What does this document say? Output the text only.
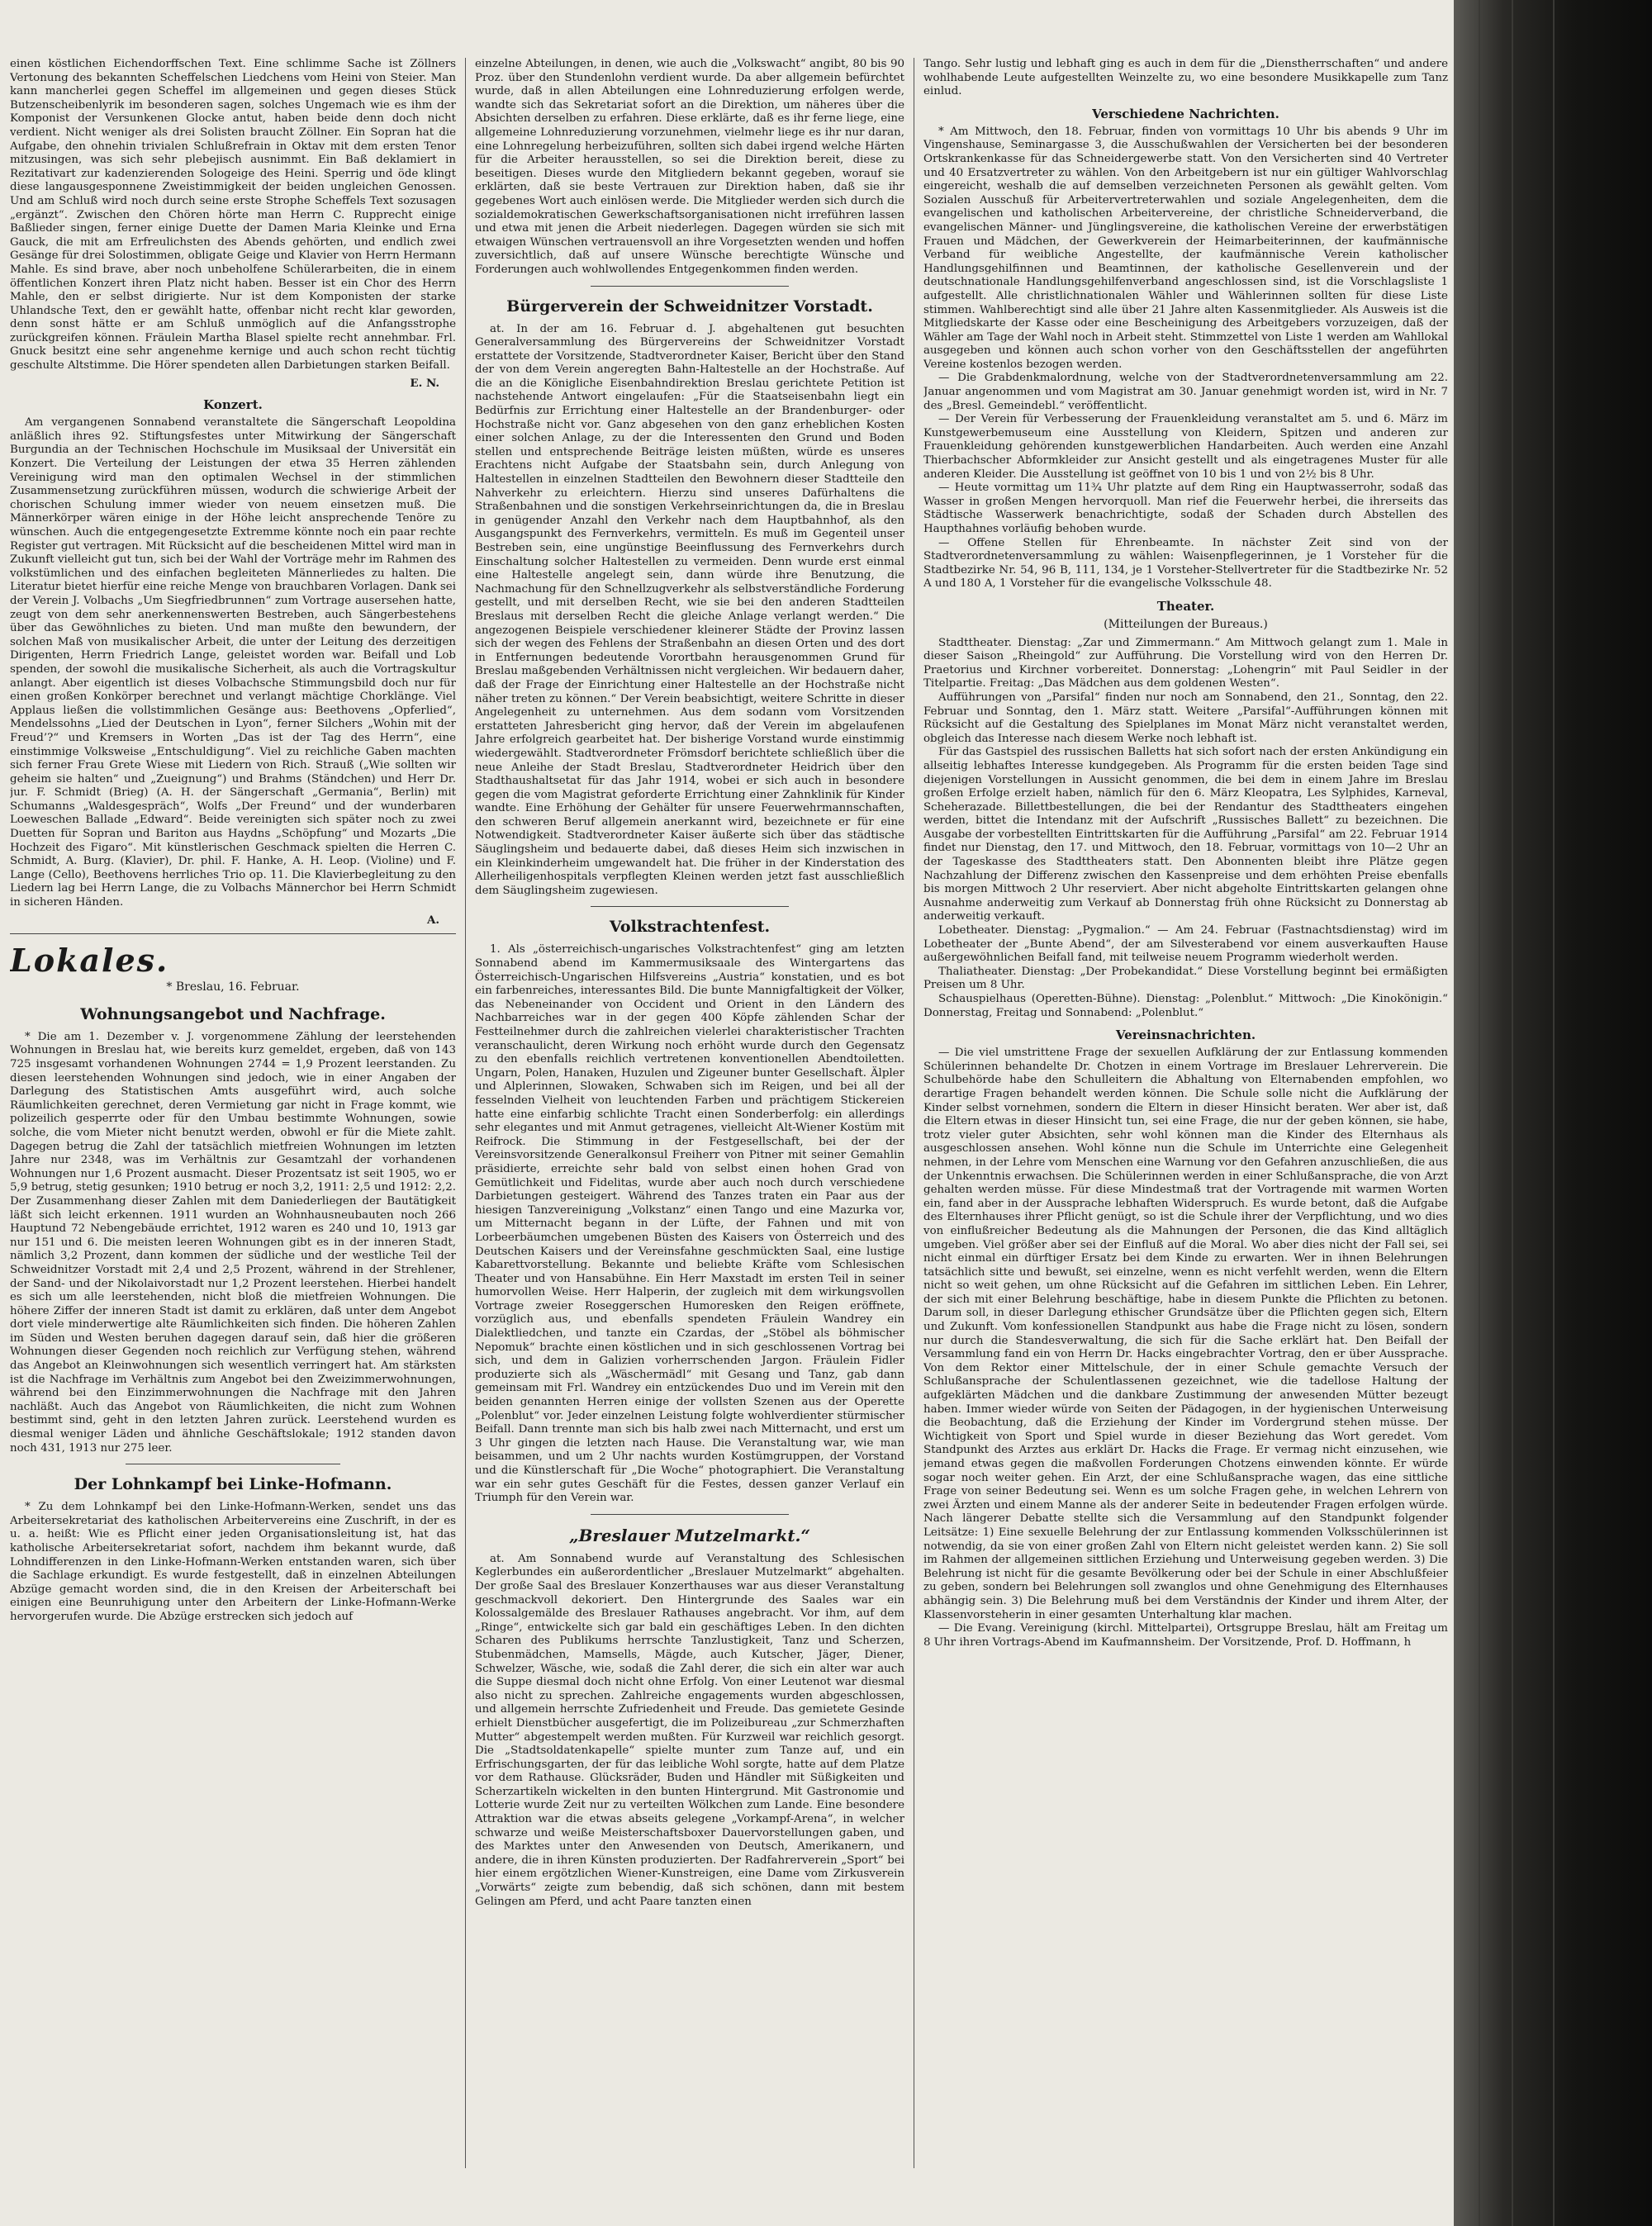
einen köstlichen Eichendorffschen Text. Eine schlimme Sache ist Zöllners Vertonung des bekannten Scheffelschen Liedchens vom Heini von Steier. Man kann mancherlei gegen Scheffel im allgemeinen und gegen dieses Stück Butzenscheibenlyrik im besonderen sagen, solches Ungemach wie es ihm der Komponist der Versunkenen Glocke antut, haben beide denn doch nicht verdient. Nicht weniger als drei Solisten braucht Zöllner. Ein Sopran hat die Aufgabe, den ohnehin trivialen Schlußrefrain in Oktav mit dem ersten Tenor mitzusingen, was sich sehr plebejisch ausnimmt. Ein Baß deklamiert in Rezitativart zur kadenzierenden Sologeige des Heini. Sperrig und öde klingt diese langausgesponnene Zweistimmigkeit der beiden ungleichen Genossen. Und am Schluß wird noch durch seine erste Strophe Scheffels Text sozusagen „ergänzt“. Zwischen den Chören hörte man Herrn C. Rupprecht einige Baßlieder singen, ferner einige Duette der Damen Maria Kleinke und Erna Gauck, die mit am Erfreulichsten des Abends gehörten, und endlich zwei Gesänge für drei Solostimmen, obligate Geige und Klavier von Herrn Hermann Mahle. Es sind brave, aber noch unbeholfene Schülerarbeiten, die in einem öffentlichen Konzert ihren Platz nicht haben. Besser ist ein Chor des Herrn Mahle, den er selbst dirigierte. Nur ist dem Komponisten der starke Uhlandsche Text, den er gewählt hatte, offenbar nicht recht klar geworden, denn sonst hätte er am Schluß unmöglich auf die Anfangsstrophe zurückgreifen können. Fräulein Martha Blasel spielte recht annehmbar. Frl. Gnuck besitzt eine sehr angenehme kernige und auch schon recht tüchtig geschulte Altstimme. Die Hörer spendeten allen Darbietungen starken Beifall.

E. N.
Konzert.

Am vergangenen Sonnabend veranstaltete die Sängerschaft Leopoldina anläßlich ihres 92. Stiftungsfestes unter Mitwirkung der Sängerschaft Burgundia an der Technischen Hochschule im Musiksaal der Universität ein Konzert. Die Verteilung der Leistungen der etwa 35 Herren zählenden Vereinigung wird man den optimalen Wechsel in der stimmlichen Zusammensetzung zurückführen müssen, wodurch die schwierige Arbeit der chorischen Schulung immer wieder von neuem einsetzen muß. Die Männerkörper wären einige in der Höhe leicht ansprechende Tenöre zu wünschen. Auch die entgegengesetzte Extremme könnte noch ein paar rechte Register gut vertragen. Mit Rücksicht auf die bescheidenen Mittel wird man in Zukunft vielleicht gut tun, sich bei der Wahl der Vorträge mehr im Rahmen des volkstümlichen und des einfachen begleiteten Männerliedes zu halten. Die Literatur bietet hierfür eine reiche Menge von brauchbaren Vorlagen. Dank sei der Verein J. Volbachs „Um Siegfriedbrunnen“ zum Vortrage ausersehen hatte, zeugt von dem sehr anerkennenswerten Bestreben, auch Sängerbestehens über das Gewöhnliches zu bieten. Und man mußte den bewundern, der solchen Maß von musikalischer Arbeit, die unter der Leitung des derzeitigen Dirigenten, Herrn Friedrich Lange, geleistet worden war. Beifall und Lob spenden, der sowohl die musikalische Sicherheit, als auch die Vortragskultur anlangt. Aber eigentlich ist dieses Volbachsche Stimmungsbild doch nur für einen großen Konkörper berechnet und verlangt mächtige Chorklänge. Viel Applaus ließen die vollstimmlichen Gesänge aus: Beethovens „Opferlied“, Mendelssohns „Lied der Deutschen in Lyon“, ferner Silchers „Wohin mit der Freud’?“ und Kremsers in Worten „Das ist der Tag des Herrn“, eine einstimmige Volksweise „Entschuldigung“. Viel zu reichliche Gaben machten sich ferner Frau Grete Wiese mit Liedern von Rich. Strauß („Wie sollten wir geheim sie halten“ und „Zueignung“) und Brahms (Ständchen) und Herr Dr. jur. F. Schmidt (Brieg) (A. H. der Sängerschaft „Germania“, Berlin) mit Schumanns „Waldesgespräch“, Wolfs „Der Freund“ und der wunderbaren Loeweschen Ballade „Edward“. Beide vereinigten sich später noch zu zwei Duetten für Sopran und Bariton aus Haydns „Schöpfung“ und Mozarts „Die Hochzeit des Figaro“. Mit künstlerischen Geschmack spielten die Herren C. Schmidt, A. Burg. (Klavier), Dr. phil. F. Hanke, A. H. Leop. (Violine) und F. Lange (Cello), Beethovens herrliches Trio op. 11. Die Klavierbegleitung zu den Liedern lag bei Herrn Lange, die zu Volbachs Männerchor bei Herrn Schmidt in sicheren Händen.

A.
Lokales.
* Breslau, 16. Februar.
Wohnungsangebot und Nachfrage.

* Die am 1. Dezember v. J. vorgenommene Zählung der leerstehenden Wohnungen in Breslau hat, wie bereits kurz gemeldet, ergeben, daß von 143 725 insgesamt vorhandenen Wohnungen 2744 = 1,9 Prozent leerstanden. Zu diesen leerstehenden Wohnungen sind jedoch, wie in einer Angaben der Darlegung des Statistischen Amts ausgeführt wird, auch solche Räumlichkeiten gerechnet, deren Vermietung gar nicht in Frage kommt, wie polizeilich gesperrte oder für den Umbau bestimmte Wohnungen, sowie solche, die vom Mieter nicht benutzt werden, obwohl er für die Miete zahlt. Dagegen betrug die Zahl der tatsächlich mietfreien Wohnungen im letzten Jahre nur 2348, was im Verhältnis zur Gesamtzahl der vorhandenen Wohnungen nur 1,6 Prozent ausmacht. Dieser Prozentsatz ist seit 1905, wo er 5,9 betrug, stetig gesunken; 1910 betrug er noch 3,2, 1911: 2,5 und 1912: 2,2. Der Zusammenhang dieser Zahlen mit dem Daniederliegen der Bautätigkeit läßt sich leicht erkennen. 1911 wurden an Wohnhausneubauten noch 266 Hauptund 72 Nebengebäude errichtet, 1912 waren es 240 und 10, 1913 gar nur 151 und 6. Die meisten leeren Wohnungen gibt es in der inneren Stadt, nämlich 3,2 Prozent, dann kommen der südliche und der westliche Teil der Schweidnitzer Vorstadt mit 2,4 und 2,5 Prozent, während in der Strehlener, der Sand- und der Nikolaivorstadt nur 1,2 Prozent leerstehen. Hierbei handelt es sich um alle leerstehenden, nicht bloß die mietfreien Wohnungen. Die höhere Ziffer der inneren Stadt ist damit zu erklären, daß unter dem Angebot dort viele minderwertige alte Räumlichkeiten sich finden. Die höheren Zahlen im Süden und Westen beruhen dagegen darauf sein, daß hier die größeren Wohnungen dieser Gegenden noch reichlich zur Verfügung stehen, während das Angebot an Kleinwohnungen sich wesentlich verringert hat. Am stärksten ist die Nachfrage im Verhältnis zum Angebot bei den Zweizimmerwohnungen, während bei den Einzimmerwohnungen die Nachfrage mit den Jahren nachläßt. Auch das Angebot von Räumlichkeiten, die nicht zum Wohnen bestimmt sind, geht in den letzten Jahren zurück. Leerstehend wurden es diesmal weniger Läden und ähnliche Geschäftslokale; 1912 standen davon noch 431, 1913 nur 275 leer.

Der Lohnkampf bei Linke-Hofmann.

* Zu dem Lohnkampf bei den Linke-Hofmann-Werken, sendet uns das Arbeitersekretariat des katholischen Arbeitervereins eine Zuschrift, in der es u. a. heißt: Wie es Pflicht einer jeden Organisationsleitung ist, hat das katholische Arbeitersekretariat sofort, nachdem ihm bekannt wurde, daß Lohndifferenzen in den Linke-Hofmann-Werken entstanden waren, sich über die Sachlage erkundigt. Es wurde festgestellt, daß in einzelnen Abteilungen Abzüge gemacht worden sind, die in den Kreisen der Arbeiterschaft bei einigen eine Beunruhigung unter den Arbeitern der Linke-Hofmann-Werke hervorgerufen wurde. Die Abzüge erstrecken sich jedoch auf

einzelne Abteilungen, in denen, wie auch die „Volkswacht“ angibt, 80 bis 90 Proz. über den Stundenlohn verdient wurde. Da aber allgemein befürchtet wurde, daß in allen Abteilungen eine Lohnreduzierung erfolgen werde, wandte sich das Sekretariat sofort an die Direktion, um näheres über die Absichten derselben zu erfahren. Diese erklärte, daß es ihr ferne liege, eine allgemeine Lohnreduzierung vorzunehmen, vielmehr liege es ihr nur daran, eine Lohnregelung herbeizuführen, sollten sich dabei irgend welche Härten für die Arbeiter herausstellen, so sei die Direktion bereit, diese zu beseitigen. Dieses wurde den Mitgliedern bekannt gegeben, worauf sie erklärten, daß sie beste Vertrauen zur Direktion haben, daß sie ihr gegebenes Wort auch einlösen werde. Die Mitglieder werden sich durch die sozialdemokratischen Gewerkschaftsorganisationen nicht irreführen lassen und etwa mit jenen die Arbeit niederlegen. Dagegen würden sie sich mit etwaigen Wünschen vertrauensvoll an ihre Vorgesetzten wenden und hoffen zuversichtlich, daß auf unsere Wünsche berechtigte Wünsche und Forderungen auch wohlwollendes Entgegenkommen finden werden.

Bürgerverein der Schweidnitzer Vorstadt.

at. In der am 16. Februar d. J. abgehaltenen gut besuchten Generalversammlung des Bürgervereins der Schweidnitzer Vorstadt erstattete der Vorsitzende, Stadtverordneter Kaiser, Bericht über den Stand der von dem Verein angeregten Bahn-Haltestelle an der Hochstraße. Auf die an die Königliche Eisenbahndirektion Breslau gerichtete Petition ist nachstehende Antwort eingelaufen: „Für die Staatseisenbahn liegt ein Bedürfnis zur Errichtung einer Haltestelle an der Brandenburger- oder Hochstraße nicht vor. Ganz abgesehen von den ganz erheblichen Kosten einer solchen Anlage, zu der die Interessenten den Grund und Boden stellen und entsprechende Beiträge leisten müßten, würde es unseres Erachtens nicht Aufgabe der Staatsbahn sein, durch Anlegung von Haltestellen in einzelnen Stadtteilen den Bewohnern dieser Stadtteile den Nahverkehr zu erleichtern. Hierzu sind unseres Dafürhaltens die Straßenbahnen und die sonstigen Verkehrseinrichtungen da, die in Breslau in genügender Anzahl den Verkehr nach dem Hauptbahnhof, als den Ausgangspunkt des Fernverkehrs, vermitteln. Es muß im Gegenteil unser Bestreben sein, eine ungünstige Beeinflussung des Fernverkehrs durch Einschaltung solcher Haltestellen zu vermeiden. Denn wurde erst einmal eine Haltestelle angelegt sein, dann würde ihre Benutzung, die Nachmachung für den Schnellzugverkehr als selbstverständliche Forderung gestellt, und mit derselben Recht, wie sie bei den anderen Stadtteilen Breslaus mit derselben Recht die gleiche Anlage verlangt werden.“ Die angezogenen Beispiele verschiedener kleinerer Städte der Provinz lassen sich der wegen des Fehlens der Straßenbahn an diesen Orten und des dort in Entfernungen bedeutende Vorortbahn herausgenommen Grund für Breslau maßgebenden Verhältnissen nicht vergleichen. Wir bedauern daher, daß der Frage der Einrichtung einer Haltestelle an der Hochstraße nicht näher treten zu können.“ Der Verein beabsichtigt, weitere Schritte in dieser Angelegenheit zu unternehmen. Aus dem sodann vom Vorsitzenden erstatteten Jahresbericht ging hervor, daß der Verein im abgelaufenen Jahre erfolgreich gearbeitet hat. Der bisherige Vorstand wurde einstimmig wiedergewählt. Stadtverordneter Frömsdorf berichtete schließlich über die neue Anleihe der Stadt Breslau, Stadtverordneter Heidrich über den Stadthaushaltsetat für das Jahr 1914, wobei er sich auch in besondere gegen die vom Magistrat geforderte Errichtung einer Zahnklinik für Kinder wandte. Eine Erhöhung der Gehälter für unsere Feuerwehrmannschaften, den schweren Beruf allgemein anerkannt wird, bezeichnete er für eine Notwendigkeit. Stadtverordneter Kaiser äußerte sich über das städtische Säuglingsheim und bedauerte dabei, daß dieses Heim sich inzwischen in ein Kleinkinderheim umgewandelt hat. Die früher in der Kinderstation des Allerheiligenhospitals verpflegten Kleinen werden jetzt fast ausschließlich dem Säuglingsheim zugewiesen.

Volkstrachtenfest.

1. Als „österreichisch-ungarisches Volkstrachtenfest“ ging am letzten Sonnabend abend im Kammermusiksaale des Wintergartens das Österreichisch-Ungarischen Hilfsvereins „Austria“ konstatien, und es bot ein farbenreiches, interessantes Bild. Die bunte Mannigfaltigkeit der Völker, das Nebeneinander von Occident und Orient in den Ländern des Nachbarreiches war in der gegen 400 Köpfe zählenden Schar der Festteilnehmer durch die zahlreichen vielerlei charakteristischer Trachten veranschaulicht, deren Wirkung noch erhöht wurde durch den Gegensatz zu den ebenfalls reichlich vertretenen konventionellen Abendtoiletten. Ungarn, Polen, Hanaken, Huzulen und Zigeuner bunter Gesellschaft. Älpler und Alplerinnen, Slowaken, Schwaben sich im Reigen, und bei all der fesselnden Vielheit von leuchtenden Farben und prächtigem Stickereien hatte eine einfarbig schlichte Tracht einen Sonderberfolg: ein allerdings sehr elegantes und mit Anmut getragenes, vielleicht Alt-Wiener Kostüm mit Reifrock. Die Stimmung in der Festgesellschaft, bei der der Vereinsvorsitzende Generalkonsul Freiherr von Pitner mit seiner Gemahlin präsidierte, erreichte sehr bald von selbst einen hohen Grad von Gemütlichkeit und Fidelitas, wurde aber auch noch durch verschiedene Darbietungen gesteigert. Während des Tanzes traten ein Paar aus der hiesigen Tanzvereinigung „Volkstanz“ einen Tango und eine Mazurka vor, um Mitternacht begann in der Lüfte, der Fahnen und mit von Lorbeerbäumchen umgebenen Büsten des Kaisers von Österreich und des Deutschen Kaisers und der Vereinsfahne geschmückten Saal, eine lustige Kabarettvorstellung. Bekannte und beliebte Kräfte vom Schlesischen Theater und von Hansabühne. Ein Herr Maxstadt im ersten Teil in seiner humorvollen Weise. Herr Halperin, der zugleich mit dem wirkungsvollen Vortrage zweier Roseggerschen Humoresken den Reigen eröffnete, vorzüglich aus, und ebenfalls spendeten Fräulein Wandrey ein Dialektliedchen, und tanzte ein Czardas, der „Stöbel als böhmischer Nepomuk“ brachte einen köstlichen und in sich geschlossenen Vortrag bei sich, und dem in Galizien vorherrschenden Jargon. Fräulein Fidler produzierte sich als „Wäschermädl“ mit Gesang und Tanz, gab dann gemeinsam mit Frl. Wandrey ein entzückendes Duo und im Verein mit den beiden genannten Herren einige der vollsten Szenen aus der Operette „Polenblut“ vor. Jeder einzelnen Leistung folgte wohlverdienter stürmischer Beifall. Dann trennte man sich bis halb zwei nach Mitternacht, und erst um 3 Uhr gingen die letzten nach Hause. Die Veranstaltung war, wie man beisammen, und um 2 Uhr nachts wurden Kostümgruppen, der Vorstand und die Künstlerschaft für „Die Woche“ photographiert. Die Veranstaltung war ein sehr gutes Geschäft für die Festes, dessen ganzer Verlauf ein Triumph für den Verein war.

„Breslauer Mutzelmarkt.“

at. Am Sonnabend wurde auf Veranstaltung des Schlesischen Keglerbundes ein außerordentlicher „Breslauer Mutzelmarkt“ abgehalten. Der große Saal des Breslauer Konzerthauses war aus dieser Veranstaltung geschmackvoll dekoriert. Den Hintergrunde des Saales war ein Kolossalgemälde des Breslauer Rathauses angebracht. Vor ihm, auf dem „Ringe“, entwickelte sich gar bald ein geschäftiges Leben. In den dichten Scharen des Publikums herrschte Tanzlustigkeit, Tanz und Scherzen, Stubenmädchen, Mamsells, Mägde, auch Kutscher, Jäger, Diener, Schwelzer, Wäsche, wie, sodaß die Zahl derer, die sich ein alter war auch die Suppe diesmal doch nicht ohne Erfolg. Von einer Leutenot war diesmal also nicht zu sprechen. Zahlreiche engagements wurden abgeschlossen, und allgemein herrschte Zufriedenheit und Freude. Das gemietete Gesinde erhielt Dienstbücher ausgefertigt, die im Polizeibureau „zur Schmerzhaften Mutter“ abgestempelt werden mußten. Für Kurzweil war reichlich gesorgt. Die „Stadtsoldatenkapelle“ spielte munter zum Tanze auf, und ein Erfrischungsgarten, der für das leibliche Wohl sorgte, hatte auf dem Platze vor dem Rathause. Glücksräder, Buden und Händler mit Süßigkeiten und Scherzartikeln wickelten in den bunten Hintergrund. Mit Gastronomie und Lotterie wurde Zeit nur zu verteilten Wölkchen zum Lande. Eine besondere Attraktion war die etwas abseits gelegene „Vorkampf-Arena“, in welcher schwarze und weiße Meisterschaftsboxer Dauervorstellungen gaben, und des Marktes unter den Anwesenden von Deutsch, Amerikanern, und andere, die in ihren Künsten produzierten. Der Radfahrerverein „Sport“ bei hier einem ergötzlichen Wiener-Kunstreigen, eine Dame vom Zirkusverein „Vorwärts“ zeigte zum bebendig, daß sich schönen, dann mit bestem Gelingen am Pferd, und acht Paare tanzten einen

Tango. Sehr lustig und lebhaft ging es auch in dem für die „Dienstherrschaften“ und andere wohlhabende Leute aufgestellten Weinzelte zu, wo eine besondere Musikkapelle zum Tanz einlud.

Verschiedene Nachrichten.

* Am Mittwoch, den 18. Februar, finden von vormittags 10 Uhr bis abends 9 Uhr im Vingenshause, Seminargasse 3, die Ausschußwahlen der Versicherten bei der besonderen Ortskrankenkasse für das Schneidergewerbe statt. Von den Versicherten sind 40 Vertreter und 40 Ersatzvertreter zu wählen. Von den Arbeitgebern ist nur ein gültiger Wahlvorschlag eingereicht, weshalb die auf demselben verzeichneten Personen als gewählt gelten. Vom Sozialen Ausschuß für Arbeitervertreterwahlen und soziale Angelegenheiten, dem die evangelischen und katholischen Arbeitervereine, der christliche Schneiderverband, die evangelischen Männer- und Jünglingsvereine, die katholischen Vereine der erwerbstätigen Frauen und Mädchen, der Gewerkverein der Heimarbeiterinnen, der kaufmännische Verband für weibliche Angestellte, der kaufmännische Verein katholischer Handlungsgehilfinnen und Beamtinnen, der katholische Gesellenverein und der deutschnationale Handlungsgehilfenverband angeschlossen sind, ist die Vorschlagsliste 1 aufgestellt. Alle christlichnationalen Wähler und Wählerinnen sollten für diese Liste stimmen. Wahlberechtigt sind alle über 21 Jahre alten Kassenmitglieder. Als Ausweis ist die Mitgliedskarte der Kasse oder eine Bescheinigung des Arbeitgebers vorzuzeigen, daß der Wähler am Tage der Wahl noch in Arbeit steht. Stimmzettel von Liste 1 werden am Wahllokal ausgegeben und können auch schon vorher von den Geschäftsstellen der angeführten Vereine kostenlos bezogen werden.

— Die Grabdenkmalordnung, welche von der Stadtverordnetenversammlung am 22. Januar angenommen und vom Magistrat am 30. Januar genehmigt worden ist, wird in Nr. 7 des „Bresl. Gemeindebl.“ veröffentlicht.

— Der Verein für Verbesserung der Frauenkleidung veranstaltet am 5. und 6. März im Kunstgewerbemuseum eine Ausstellung von Kleidern, Spitzen und anderen zur Frauenkleidung gehörenden kunstgewerblichen Handarbeiten. Auch werden eine Anzahl Thierbachscher Abformkleider zur Ansicht gestellt und als eingetragenes Muster für alle anderen Kleider. Die Ausstellung ist geöffnet von 10 bis 1 und von 2½ bis 8 Uhr.

— Heute vormittag um 11¾ Uhr platzte auf dem Ring ein Hauptwasserrohr, sodaß das Wasser in großen Mengen hervorquoll. Man rief die Feuerwehr herbei, die ihrerseits das Städtische Wasserwerk benachrichtigte, sodaß der Schaden durch Abstellen des Haupthahnes vorläufig behoben wurde.

— Offene Stellen für Ehrenbeamte. In nächster Zeit sind von der Stadtverordnetenversammlung zu wählen: Waisenpflegerinnen, je 1 Vorsteher für die Stadtbezirke Nr. 54, 96 B, 111, 134, je 1 Vorsteher-Stellvertreter für die Stadtbezirke Nr. 52 A und 180 A, 1 Vorsteher für die evangelische Volksschule 48.

Theater.
(Mitteilungen der Bureaus.)

Stadttheater. Dienstag: „Zar und Zimmermann.“ Am Mittwoch gelangt zum 1. Male in dieser Saison „Rheingold“ zur Aufführung. Die Vorstellung wird von den Herren Dr. Praetorius und Kirchner vorbereitet. Donnerstag: „Lohengrin“ mit Paul Seidler in der Titelpartie. Freitag: „Das Mädchen aus dem goldenen Westen“.

Aufführungen von „Parsifal“ finden nur noch am Sonnabend, den 21., Sonntag, den 22. Februar und Sonntag, den 1. März statt. Weitere „Parsifal“-Aufführungen können mit Rücksicht auf die Gestaltung des Spielplanes im Monat März nicht veranstaltet werden, obgleich das Interesse nach diesem Werke noch lebhaft ist.

Für das Gastspiel des russischen Balletts hat sich sofort nach der ersten Ankündigung ein allseitig lebhaftes Interesse kundgegeben. Als Programm für die ersten beiden Tage sind diejenigen Vorstellungen in Aussicht genommen, die bei dem in einem Jahre im Breslau großen Erfolge erzielt haben, nämlich für den 6. März Kleopatra, Les Sylphides, Karneval, Scheherazade. Billettbestellungen, die bei der Rendantur des Stadttheaters eingehen werden, bittet die Intendanz mit der Aufschrift „Russisches Ballett“ zu bezeichnen. Die Ausgabe der vorbestellten Eintrittskarten für die Aufführung „Parsifal“ am 22. Februar 1914 findet nur Dienstag, den 17. und Mittwoch, den 18. Februar, vormittags von 10—2 Uhr an der Tageskasse des Stadttheaters statt. Den Abonnenten bleibt ihre Plätze gegen Nachzahlung der Differenz zwischen den Kassenpreise und dem erhöhten Preise ebenfalls bis morgen Mittwoch 2 Uhr reserviert. Aber nicht abgeholte Eintrittskarten gelangen ohne Ausnahme anderweitig zum Verkauf ab Donnerstag früh ohne Rücksicht zu Donnerstag ab anderweitig verkauft.

Lobetheater. Dienstag: „Pygmalion.“ — Am 24. Februar (Fastnachtsdienstag) wird im Lobetheater der „Bunte Abend“, der am Silvesterabend vor einem ausverkauften Hause außergewöhnlichen Beifall fand, mit teilweise neuem Programm wiederholt werden.

Thaliatheater. Dienstag: „Der Probekandidat.“ Diese Vorstellung beginnt bei ermäßigten Preisen um 8 Uhr.

Schauspielhaus (Operetten-Bühne). Dienstag: „Polenblut.“ Mittwoch: „Die Kinokönigin.“ Donnerstag, Freitag und Sonnabend: „Polenblut.“

Vereinsnachrichten.

— Die viel umstrittene Frage der sexuellen Aufklärung der zur Entlassung kommenden Schülerinnen behandelte Dr. Chotzen in einem Vortrage im Breslauer Lehrerverein. Die Schulbehörde habe den Schulleitern die Abhaltung von Elternabenden empfohlen, wo derartige Fragen behandelt werden können. Die Schule solle nicht die Aufklärung der Kinder selbst vornehmen, sondern die Eltern in dieser Hinsicht beraten. Wer aber ist, daß die Eltern etwas in dieser Hinsicht tun, sei eine Frage, die nur der geben können, sie habe, trotz vieler guter Absichten, sehr wohl können man die Kinder des Elternhaus als ausgeschlossen ansehen. Wohl könne nun die Schule im Unterrichte eine Gelegenheit nehmen, in der Lehre vom Menschen eine Warnung vor den Gefahren anzuschließen, die aus der Unkenntnis erwachsen. Die Schülerinnen werden in einer Schlußansprache, die von Arzt gehalten werden müsse. Für diese Mindestmaß trat der Vortragende mit warmen Worten ein, fand aber in der Aussprache lebhaften Widerspruch. Es wurde betont, daß die Aufgabe des Elternhauses ihrer Pflicht genügt, so ist die Schule ihrer der Verpflichtung, und wo dies von einflußreicher Bedeutung als die Mahnungen der Personen, die das Kind alltäglich umgeben. Viel größer aber sei der Einfluß auf die Moral. Wo aber dies nicht der Fall sei, sei nicht einmal ein dürftiger Ersatz bei dem Kinde zu erwarten. Wer in ihnen Belehrungen tatsächlich sitte und bewußt, sei einzelne, wenn es nicht verfehlt werden, wenn die Eltern nicht so weit gehen, um ohne Rücksicht auf die Gefahren im sittlichen Leben. Ein Lehrer, der sich mit einer Belehrung beschäftige, habe in diesem Punkte die Pflichten zu betonen. Darum soll, in dieser Darlegung ethischer Grundsätze über die Pflichten gegen sich, Eltern und Zukunft. Vom konfessionellen Standpunkt aus habe die Frage nicht zu lösen, sondern nur durch die Standesverwaltung, die sich für die Sache erklärt hat. Den Beifall der Versammlung fand ein von Herrn Dr. Hacks eingebrachter Vortrag, den er über Aussprache. Von dem Rektor einer Mittelschule, der in einer Schule gemachte Versuch der Schlußansprache der Schulentlassenen gezeichnet, wie die tadellose Haltung der aufgeklärten Mädchen und die dankbare Zustimmung der anwesenden Mütter bezeugt haben. Immer wieder würde von Seiten der Pädagogen, in der hygienischen Unterweisung die Beobachtung, daß die Erziehung der Kinder im Vordergrund stehen müsse. Der Wichtigkeit von Sport und Spiel wurde in dieser Beziehung das Wort geredet. Vom Standpunkt des Arztes aus erklärt Dr. Hacks die Frage. Er vermag nicht einzusehen, wie jemand etwas gegen die maßvollen Forderungen Chotzens einwenden könnte. Er würde sogar noch weiter gehen. Ein Arzt, der eine Schlußansprache wagen, das eine sittliche Frage von seiner Bedeutung sei. Wenn es um solche Fragen gehe, in welchen Lehrern von zwei Ärzten und einem Manne als der anderer Seite in bedeutender Fragen erfolgen würde. Nach längerer Debatte stellte sich die Versammlung auf den Standpunkt folgender Leitsätze: 1) Eine sexuelle Belehrung der zur Entlassung kommenden Volksschülerinnen ist notwendig, da sie von einer großen Zahl von Eltern nicht geleistet werden kann. 2) Sie soll im Rahmen der allgemeinen sittlichen Erziehung und Unterweisung gegeben werden. 3) Die Belehrung ist nicht für die gesamte Bevölkerung oder bei der Schule in einer Abschlußfeier zu geben, sondern bei Belehrungen soll zwanglos und ohne Genehmigung des Elternhauses abhängig sein. 3) Die Belehrung muß bei dem Verständnis der Kinder und ihrem Alter, der Klassenvorsteherin in einer gesamten Unterhaltung klar machen.

— Die Evang. Vereinigung (kirchl. Mittelpartei), Ortsgruppe Breslau, hält am Freitag um 8 Uhr ihren Vortrags-Abend im Kaufmannsheim. Der Vorsitzende, Prof. D. Hoffmann, h
